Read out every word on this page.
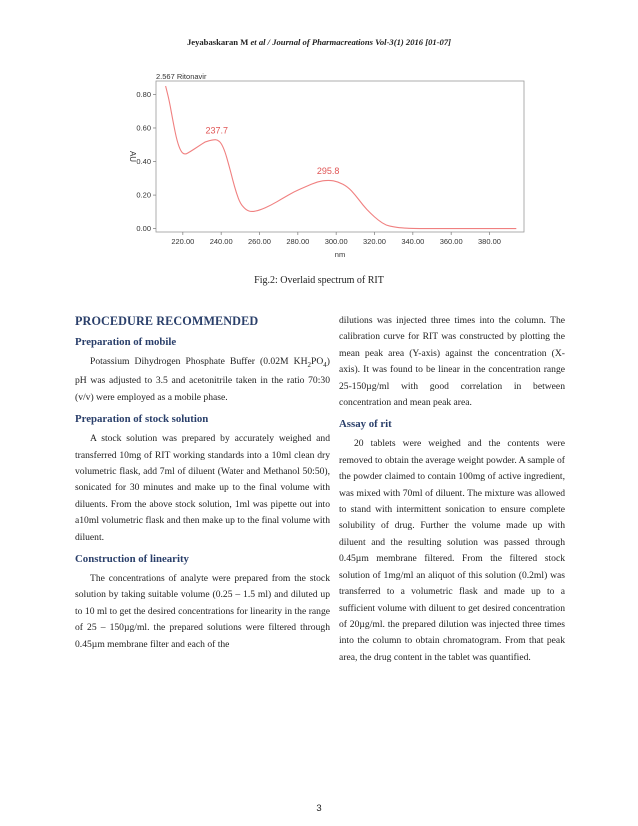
Jeyabaskaran M et al / Journal of Pharmacreations Vol-3(1) 2016 [01-07]
220.00 240.00 260.00 280.00 300.00 320.00 340.00 360.00 380.00
0.00
0.20
0.40
0.60
0.80
nm
AU
2.567 Ritonavir
237.7
295.8
Fig.2: Overlaid spectrum of RIT
PROCEDURE RECOMMENDED
Preparation of mobile

Potassium Dihydrogen Phosphate Buffer (0.02M $KH_2PO_4$) pH was adjusted to 3.5 and acetonitrile taken in the ratio 70:30 (v/v) were employed as a mobile phase.

Preparation of stock solution

A stock solution was prepared by accurately weighed and transferred 10mg of RIT working standards into a 10ml clean dry volumetric flask, add 7ml of diluent (Water and Methanol 50:50), sonicated for 30 minutes and make up to the final volume with diluents. From the above stock solution, 1ml was pipette out into a10ml volumetric flask and then make up to the final volume with diluent.

Construction of linearity

The concentrations of analyte were prepared from the stock solution by taking suitable volume (0.25 – 1.5 ml) and diluted up to 10 ml to get the desired concentrations for linearity in the range of 25 – 150µg/ml. the prepared solutions were filtered through 0.45µm membrane filter and each of the

dilutions was injected three times into the column. The calibration curve for RIT was constructed by plotting the mean peak area (Y-axis) against the concentration (X-axis). It was found to be linear in the concentration range 25-150µg/ml with good correlation in between concentration and mean peak area.

Assay of rit

20 tablets were weighed and the contents were removed to obtain the average weight powder. A sample of the powder claimed to contain 100mg of active ingredient, was mixed with 70ml of diluent. The mixture was allowed to stand with intermittent sonication to ensure complete solubility of drug. Further the volume made up with diluent and the resulting solution was passed through 0.45µm membrane filtered. From the filtered stock solution of 1mg/ml an aliquot of this solution (0.2ml) was transferred to a volumetric flask and made up to a sufficient volume with diluent to get desired concentration of 20µg/ml. the prepared dilution was injected three times into the column to obtain chromatogram. From that peak area, the drug content in the tablet was quantified.

3
